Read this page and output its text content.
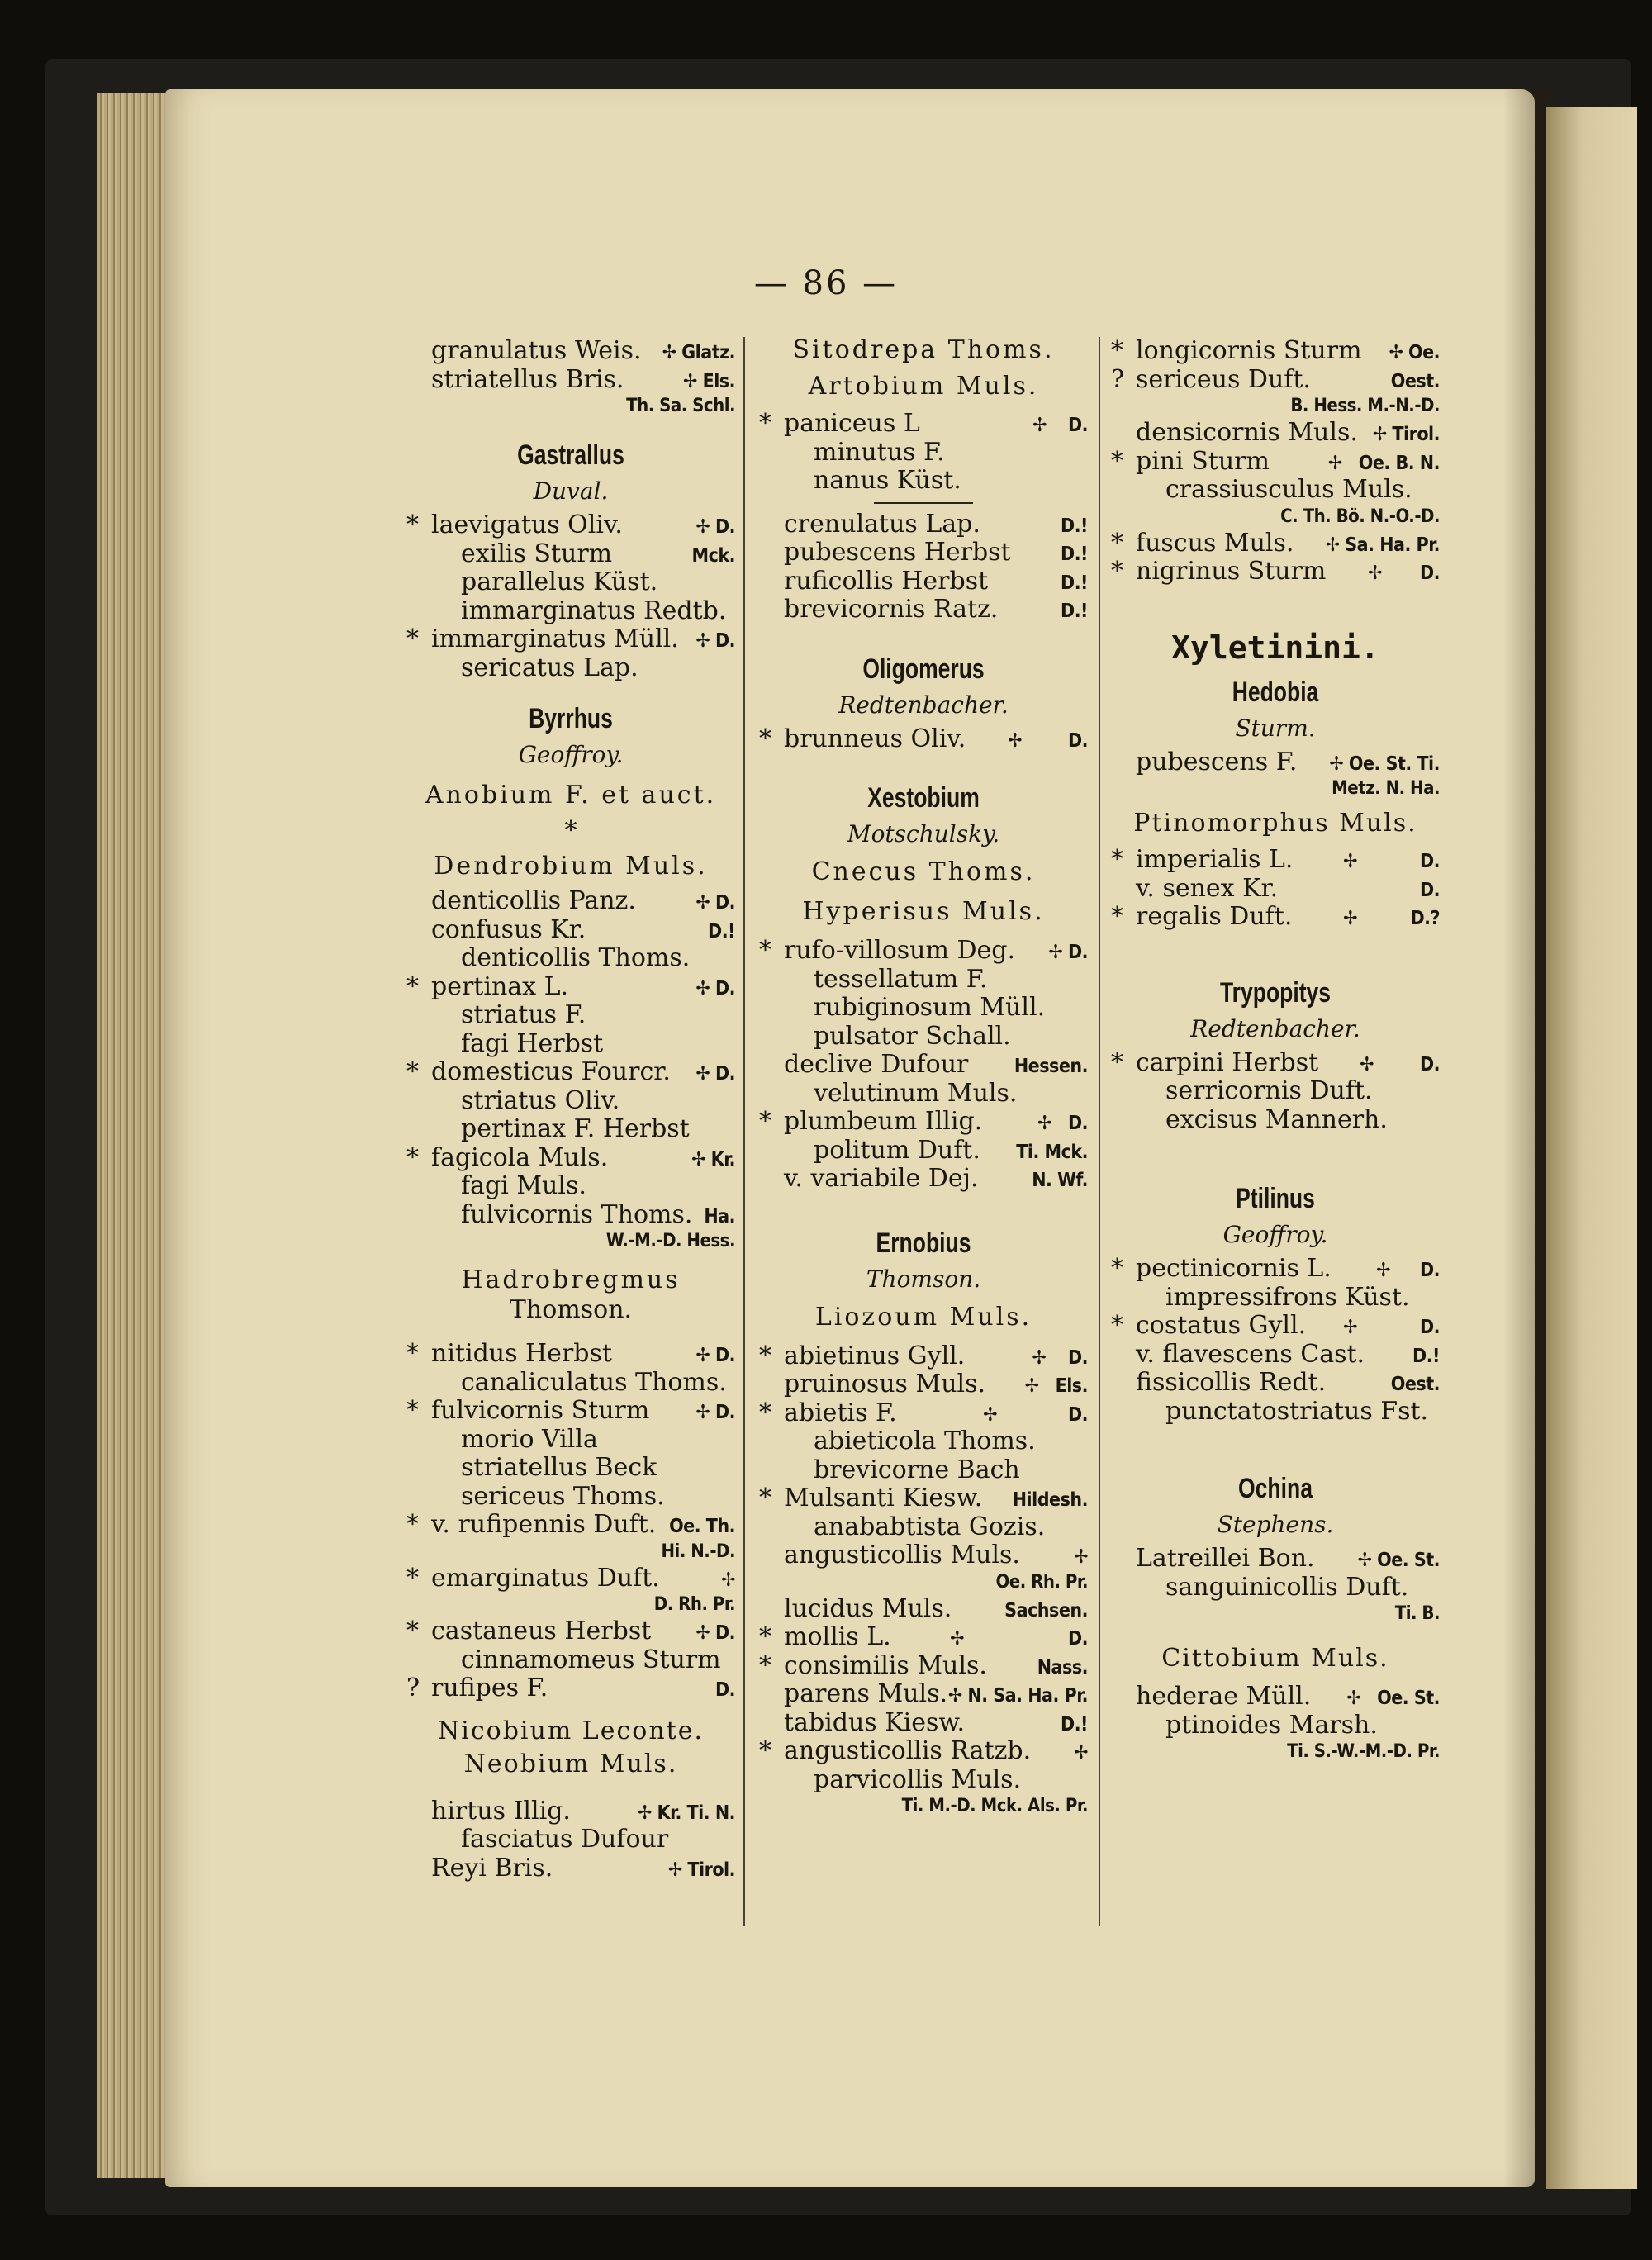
— 86 —
granulatus Weis. ✢ Glatz.
striatellus Bris.	✢ Els.
Th. Sa. Schl.
Gastrallus
Duval.
* laevigatus Oliv.	✢ D.
exilis Sturm	Mck.
parallelus Küst.
immarginatus Redtb.
* immarginatus Müll. ✢ D.
sericatus Lap.
Byrrhus
Geoffroy.
Anobium F. et auct.
*
Dendrobium Muls.
denticollis Panz.	✢ D.
confusus Kr.	D.!
denticollis Thoms.
* pertinax L.	✢ D.
striatus F.
fagi Herbst
* domesticus Fourcr. ✢ D.
striatus Oliv.
pertinax F. Herbst
* fagicola Muls.	✢ Kr.
fagi Muls.
fulvicornis Thoms. Ha.
W.-M.-D. Hess.
Hadrobregmus
Thomson.
* nitidus Herbst	✢ D.
canaliculatus Thoms.
* fulvicornis Sturm ✢ D.
morio Villa
striatellus Beck
sericeus Thoms.
* v. rufipennis Duft. Oe. Th.
Hi. N.-D.
* emarginatus Duft.	✢
D. Rh. Pr.
* castaneus Herbst ✢ D.
cinnamomeus Sturm
? rufipes F.	D.
Nicobium Leconte.
Neobium Muls.
hirtus Illig.	✢ Kr. Ti. N.
fasciatus Dufour
Reyi Bris.	✢ Tirol.
Sitodrepa Thoms.
Artobium Muls.
* paniceus L	✢ D.
minutus F.
nanus Küst.
crenulatus Lap.	D.!
pubescens Herbst	D.!
ruficollis Herbst	D.!
brevicornis Ratz.	D.!
Oligomerus
Redtenbacher.
* brunneus Oliv. ✢ D.
Xestobium
Motschulsky.
Cnecus Thoms.
Hyperisus Muls.
* rufo-villosum Deg. ✢ D.
tessellatum F.
rubiginosum Müll.
pulsator Schall.
declive Dufour Hessen.
velutinum Muls.
* plumbeum Illig.	✢ D.
politum Duft. Ti. Mck.
v. variabile Dej.	N. Wf.
Ernobius
Thomson.
Liozoum Muls.
* abietinus Gyll.	✢ D.
pruinosus Muls. ✢ Els.
* abietis F.	✢	D.
abieticola Thoms.
brevicorne Bach
* Mulsanti Kiesw. Hildesh.
anababtista Gozis.
angusticollis Muls.	✢
Oe. Rh. Pr.
lucidus Muls.	Sachsen.
* mollis L.	✢	D.
* consimilis Muls.	Nass.
parens Muls. ✢ N. Sa. Ha. Pr.
tabidus Kiesw.	D.!
* angusticollis Ratzb. ✢
parvicollis Muls.
Ti. M.-D. Mck. Als. Pr.
* longicornis Sturm ✢ Oe.
? sericeus Duft.	Oest.
B. Hess. M.-N.-D.
densicornis Muls. ✢ Tirol.
* pini Sturm	✢ Oe. B. N.
crassiusculus Muls.
C. Th. Bö. N.-O.-D.
* fuscus Muls. ✢ Sa. Ha. Pr.
* nigrinus Sturm ✢ D.
Xyletinini.
Hedobia
Sturm.
pubescens F. ✢ Oe. St. Ti.
Metz. N. Ha.
Ptinomorphus Muls.
* imperialis L.	✢	D.
v. senex Kr.	D.
* regalis Duft.	✢	D.?
Trypopitys
Redtenbacher.
* carpini Herbst ✢ D.
serricornis Duft.
excisus Mannerh.
Ptilinus
Geoffroy.
* pectinicornis L. ✢ D.
impressifrons Küst.
* costatus Gyll. ✢	D.
v. flavescens Cast.	D.!
fissicollis Redt.	Oest.
punctatostriatus Fst.
Ochina
Stephens.
Latreillei Bon. ✢ Oe. St.
sanguinicollis Duft.
Ti. B.
Cittobium Muls.
hederae Müll. ✢ Oe. St.
ptinoides Marsh.
Ti. S.-W.-M.-D. Pr.
